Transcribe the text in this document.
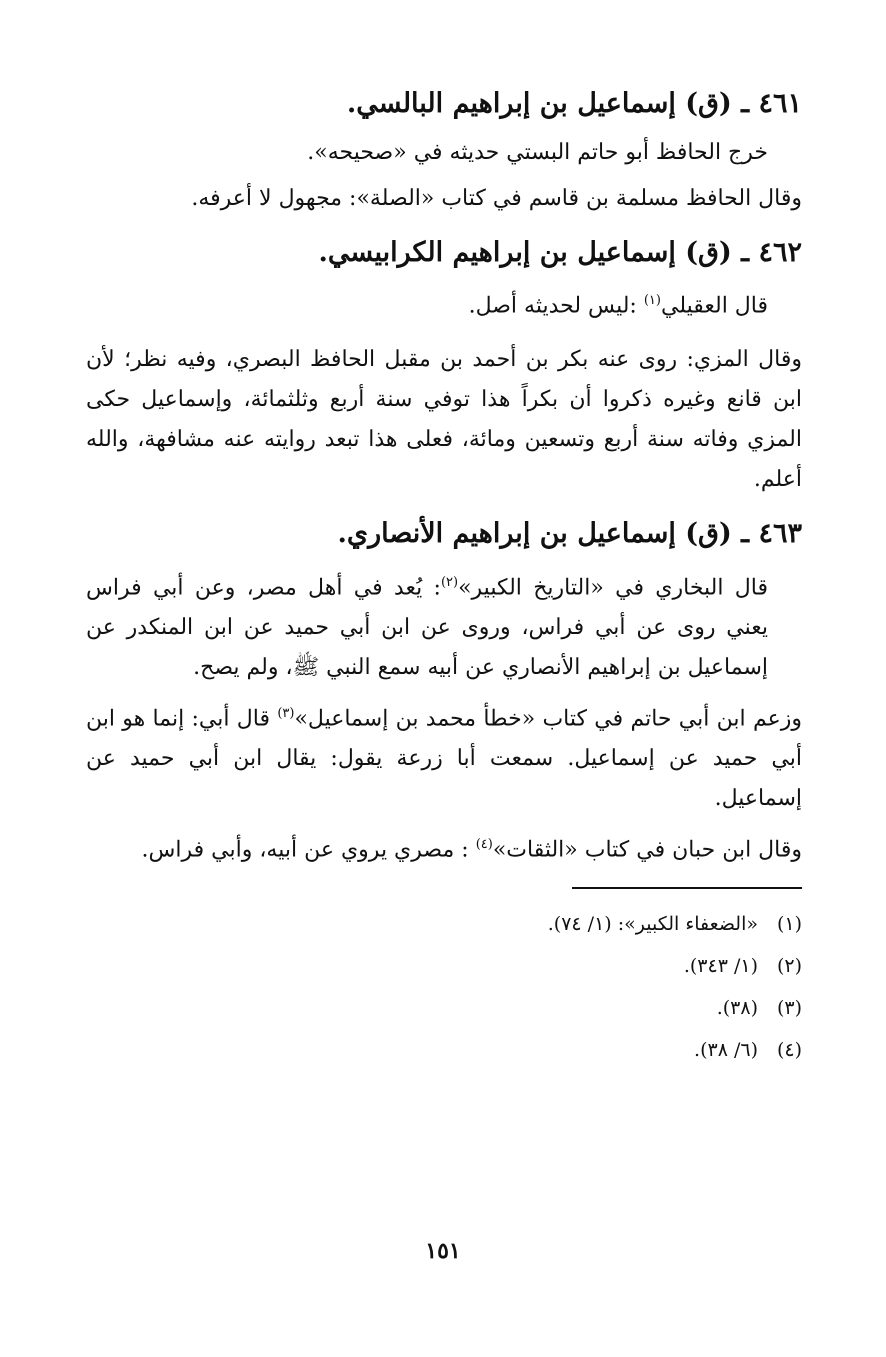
٤٦١ ـ (ق) إسماعيل بن إبراهيم البالسي.

خرج الحافظ أبو حاتم البستي حديثه في «صحيحه».

وقال الحافظ مسلمة بن قاسم في كتاب «الصلة»: مجهول لا أعرفه.

٤٦٢ ـ (ق) إسماعيل بن إبراهيم الكرابيسي.

قال العقيلي$^{(١)}$ :ليس لحديثه أصل.

وقال المزي: روى عنه بكر بن أحمد بن مقبل الحافظ البصري، وفيه نظر؛ لأن ابن قانع وغيره ذكروا أن بكراً هذا توفي سنة أربع وثلثمائة، وإسماعيل حكى المزي وفاته سنة أربع وتسعين ومائة، فعلى هذا تبعد روايته عنه مشافهة، والله أعلم.

٤٦٣ ـ (ق) إسماعيل بن إبراهيم الأنصاري.

قال البخاري في «التاريخ الكبير»$^{(٢)}$: يُعد في أهل مصر، وعن أبي فراس يعني روى عن أبي فراس، وروى عن ابن أبي حميد عن ابن المنكدر عن إسماعيل بن إبراهيم الأنصاري عن أبيه سمع النبي ﷺ، ولم يصح.

وزعم ابن أبي حاتم في كتاب «خطأ محمد بن إسماعيل»$^{(٣)}$ قال أبي: إنما هو ابن أبي حميد عن إسماعيل. سمعت أبا زرعة يقول: يقال ابن أبي حميد عن إسماعيل.

وقال ابن حبان في كتاب «الثقات»$^{(٤)}$ : مصري يروي عن أبيه، وأبي فراس.

(١)«الضعفاء الكبير»: (١/ ٧٤).
(٢)(١/ ٣٤٣).
(٣)(٣٨).
(٤)(٦/ ٣٨).
١٥١
